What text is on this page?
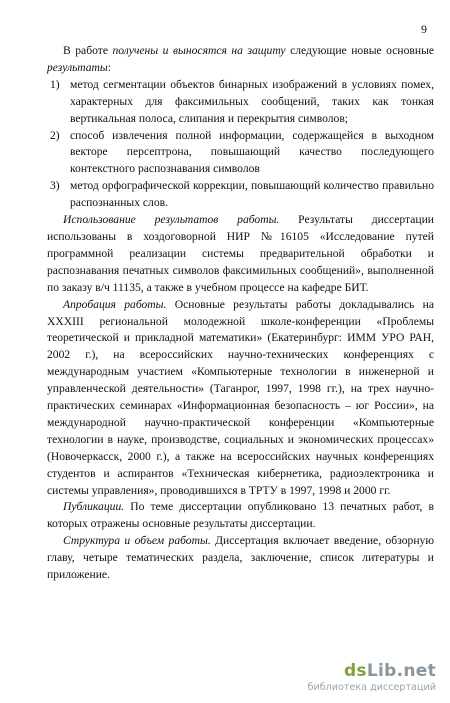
9

В работе получены и выносятся на защиту следующие новые основные результаты:

1) метод сегментации объектов бинарных изображений в условиях помех, характерных для факсимильных сообщений, таких как тонкая вертикальная полоса, слипания и перекрытия символов;
2) способ извлечения полной информации, содержащейся в выходном векторе персептрона, повышающий качество последующего контекстного распознавания символов
3) метод орфографической коррекции, повышающий количество правильно распознанных слов.

Использование результатов работы. Результаты диссертации использованы в хоздоговорной НИР №16105 «Исследование путей программной реализации системы предварительной обработки и распознавания печатных символов факсимильных сообщений», выполненной по заказу в/ч 11135, а также в учебном процессе на кафедре БИТ.

Апробация работы. Основные результаты работы докладывались на XXXIII региональной молодежной школе-конференции «Проблемы теоретической и прикладной математики» (Екатеринбург: ИММ УРО РАН, 2002 г.), на всероссийских научно-технических конференциях с международным участием «Компьютерные технологии в инженерной и управленческой деятельности» (Таганрог, 1997, 1998 гг.), на трех научно-практических семинарах «Информационная безопасность – юг России», на международной научно-практической конференции «Компьютерные технологии в науке, производстве, социальных и экономических процессах» (Новочеркасск, 2000 г.), а также на всероссийских научных конференциях студентов и аспирантов «Техническая кибернетика, радиоэлектроника и системы управления», проводившихся в ТРТУ в 1997, 1998 и 2000 гг.

Публикации. По теме диссертации опубликовано 13 печатных работ, в которых отражены основные результаты диссертации.

Структура и объем работы. Диссертация включает введение, обзорную главу, четыре тематических раздела, заключение, список литературы и приложение.

dsLib.net
библиотека диссертаций
